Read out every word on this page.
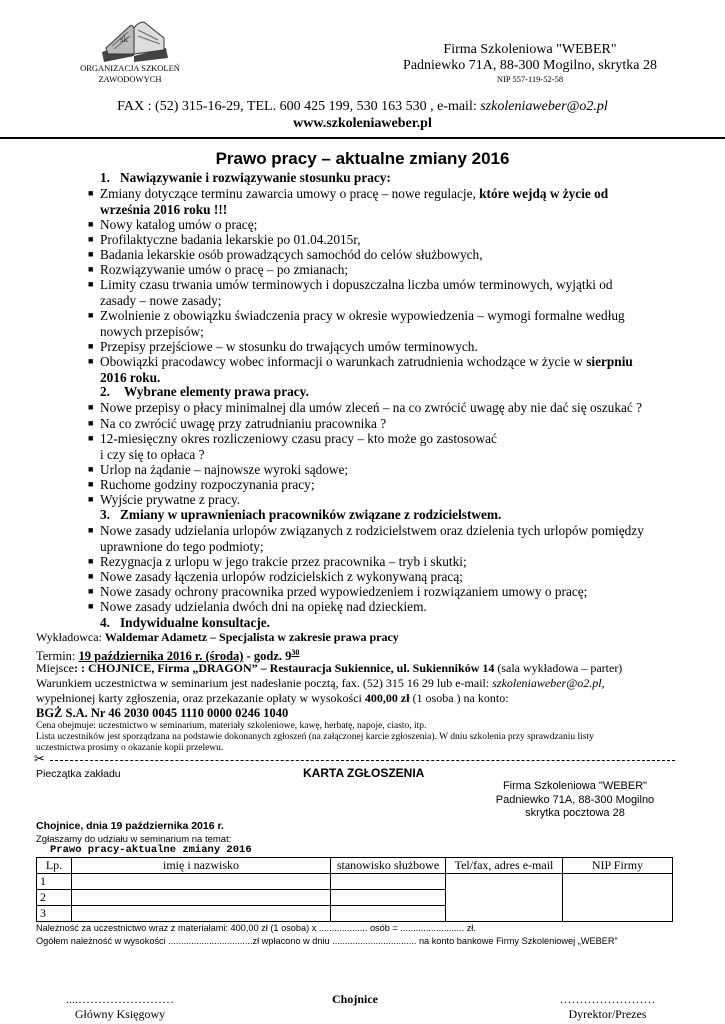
sk
ORGANIZACJA SZKOLEŃ
ZAWODOWYCH
Firma Szkoleniowa "WEBER"
Padniewko 71A, 88-300 Mogilno, skrytka 28
NIP 557-119-52-58
FAX : (52) 315-16-29, TEL. 600 425 199, 530 163 530 , e-mail: szkoleniaweber@o2.pl
www.szkoleniaweber.pl
Prawo pracy – aktualne zmiany 2016
1. Nawiązywanie i rozwiązywanie stosunku pracy:
■ Zmiany dotyczące terminu zawarcia umowy o pracę – nowe regulacje, które wejdą w życie od
września 2016 roku !!!
■ Nowy katalog umów o pracę;
■ Profilaktyczne badania lekarskie po 01.04.2015r,
■ Badania lekarskie osób prowadzących samochód do celów służbowych,
■ Rozwiązywanie umów o pracę – po zmianach;
■ Limity czasu trwania umów terminowych i dopuszczalna liczba umów terminowych, wyjątki od
zasady – nowe zasady;
■ Zwolnienie z obowiązku świadczenia pracy w okresie wypowiedzenia – wymogi formalne według
nowych przepisów;
■ Przepisy przejściowe – w stosunku do trwających umów terminowych.
■ Obowiązki pracodawcy wobec informacji o warunkach zatrudnienia wchodzące w życie w sierpniu
2016 roku.
2. Wybrane elementy prawa pracy.
■ Nowe przepisy o płacy minimalnej dla umów zleceń – na co zwrócić uwagę aby nie dać się oszukać ?
■ Na co zwrócić uwagę przy zatrudnianiu pracownika ?
■ 12-miesięczny okres rozliczeniowy czasu pracy – kto może go zastosować
i czy się to opłaca ?
■ Urlop na żądanie – najnowsze wyroki sądowe;
■ Ruchome godziny rozpoczynania pracy;
■ Wyjście prywatne z pracy.
3. Zmiany w uprawnieniach pracowników związane z rodzicielstwem.
■ Nowe zasady udzielania urlopów związanych z rodzicielstwem oraz dzielenia tych urlopów pomiędzy
uprawnione do tego podmioty;
■ Rezygnacja z urlopu w jego trakcie przez pracownika – tryb i skutki;
■ Nowe zasady łączenia urlopów rodzicielskich z wykonywaną pracą;
■ Nowe zasady ochrony pracownika przed wypowiedzeniem i rozwiązaniem umowy o pracę;
■ Nowe zasady udzielania dwóch dni na opiekę nad dzieckiem.
4. Indywidualne konsultacje.
Wykładowca: Waldemar Adametz – Specjalista w zakresie prawa pracy
Termin: 19 października 2016 r. (środa) - godz. $9^{30}$
Miejsce: : CHOJNICE, Firma „DRAGON” – Restauracja Sukiennice, ul. Sukienników 14 (sala wykładowa – parter)
Warunkiem uczestnictwa w seminarium jest nadesłanie pocztą, fax. (52) 315 16 29 lub e-mail: szkoleniaweber@o2.pl,
wypełnionej karty zgłoszenia, oraz przekazanie opłaty w wysokości 400,00 zł (1 osoba ) na konto:
BGŻ S.A. Nr 46 2030 0045 1110 0000 0246 1040
Cena obejmuje: uczestnictwo w seminarium, materiały szkoleniowe, kawę, herbatę, napoje, ciasto, itp.
Lista uczestników jest sporządzana na podstawie dokonanych zgłoszeń (na załączonej karcie zgłoszenia). W dniu szkolenia przy sprawdzaniu listy
uczestnictwa prosimy o okazanie kopii przelewu.
✂
Pieczątka zakładu	KARTA ZGŁOSZENIA
Firma Szkoleniowa "WEBER"
Padniewko 71A, 88-300 Mogilno
skrytka pocztowa 28
Chojnice, dnia 19 października 2016 r.
Zgłaszamy do udziału w seminarium na temat:
Prawo pracy-aktualne zmiany 2016
Lp.	imię i nazwisko	stanowisko służbowe	Tel/fax, adres e-mail	NIP Firmy
1				
2				
3				
Należność za uczestnictwo wraz z materiałami: 400,00 zł (1 osoba) x ................... osób = ......................... zł.
Ogółem należność w wysokości .................................zł wpłacono w dniu ................................. na konto bankowe Firmy Szkoleniowej „WEBER”
....……………………
Główny Księgowy
Chojnice	……………………
Dyrektor/Prezes
